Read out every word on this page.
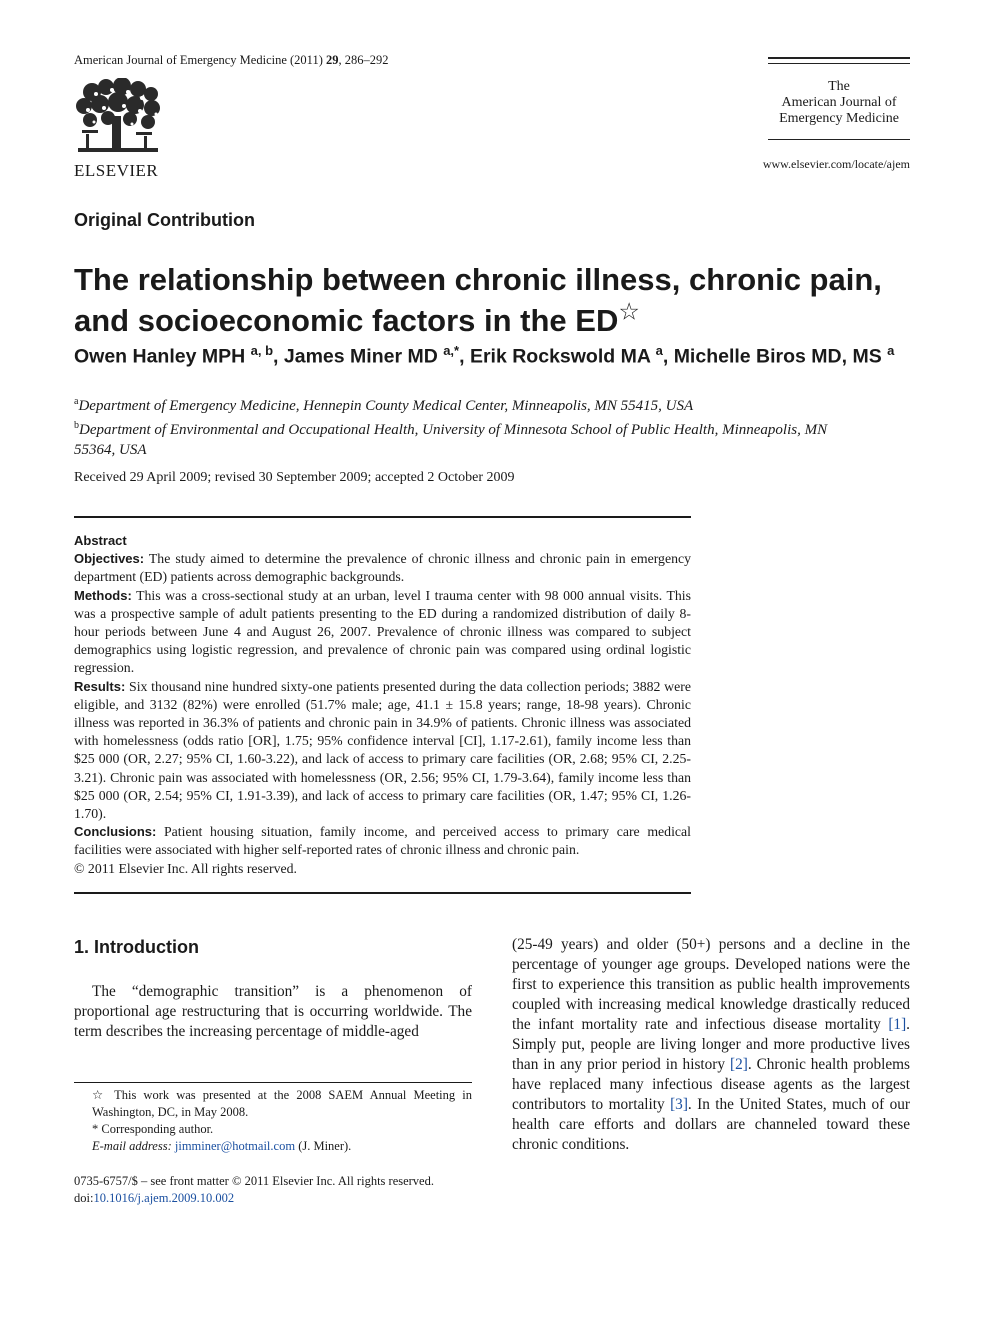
American Journal of Emergency Medicine (2011) 29, 286–292
ELSEVIER
The
American Journal of
Emergency Medicine
www.elsevier.com/locate/ajem
Original Contribution
The relationship between chronic illness, chronic pain, and socioeconomic factors in the ED☆
Owen Hanley MPH $^{a, b}$, James Miner MD $^{a,*}$, Erik Rockswold MA $^a$, Michelle Biros MD, MS $^a$
$^a$Department of Emergency Medicine, Hennepin County Medical Center, Minneapolis, MN 55415, USA
$^b$Department of Environmental and Occupational Health, University of Minnesota School of Public Health, Minneapolis, MN 55364, USA
Received 29 April 2009; revised 30 September 2009; accepted 2 October 2009

Abstract

Objectives: The study aimed to determine the prevalence of chronic illness and chronic pain in emergency department (ED) patients across demographic backgrounds.

Methods: This was a cross-sectional study at an urban, level I trauma center with 98 000 annual visits. This was a prospective sample of adult patients presenting to the ED during a randomized distribution of daily 8-hour periods between June 4 and August 26, 2007. Prevalence of chronic illness was compared to subject demographics using logistic regression, and prevalence of chronic pain was compared using ordinal logistic regression.

Results: Six thousand nine hundred sixty-one patients presented during the data collection periods; 3882 were eligible, and 3132 (82%) were enrolled (51.7% male; age, 41.1 ± 15.8 years; range, 18-98 years). Chronic illness was reported in 36.3% of patients and chronic pain in 34.9% of patients. Chronic illness was associated with homelessness (odds ratio [OR], 1.75; 95% confidence interval [CI], 1.17-2.61), family income less than $25 000 (OR, 2.27; 95% CI, 1.60-3.22), and lack of access to primary care facilities (OR, 2.68; 95% CI, 2.25-3.21). Chronic pain was associated with homelessness (OR, 2.56; 95% CI, 1.79-3.64), family income less than $25 000 (OR, 2.54; 95% CI, 1.91-3.39), and lack of access to primary care facilities (OR, 1.47; 95% CI, 1.26-1.70).

Conclusions: Patient housing situation, family income, and perceived access to primary care medical facilities were associated with higher self-reported rates of chronic illness and chronic pain.

© 2011 Elsevier Inc. All rights reserved.

1. Introduction
The “demographic transition” is a phenomenon of proportional age restructuring that is occurring worldwide. The term describes the increasing percentage of middle-aged
(25-49 years) and older (50+) persons and a decline in the percentage of younger age groups. Developed nations were the first to experience this transition as public health improvements coupled with increasing medical knowledge drastically reduced the infant mortality rate and infectious disease mortality [1]. Simply put, people are living longer and more productive lives than in any prior period in history [2]. Chronic health problems have replaced many infectious disease agents as the largest contributors to mortality [3]. In the United States, much of our health care efforts and dollars are channeled toward these chronic conditions.

☆ This work was presented at the 2008 SAEM Annual Meeting in Washington, DC, in May 2008.

* Corresponding author.

E-mail address: jimminer@hotmail.com (J. Miner).

0735-6757/$ – see front matter © 2011 Elsevier Inc. All rights reserved.

doi:10.1016/j.ajem.2009.10.002
